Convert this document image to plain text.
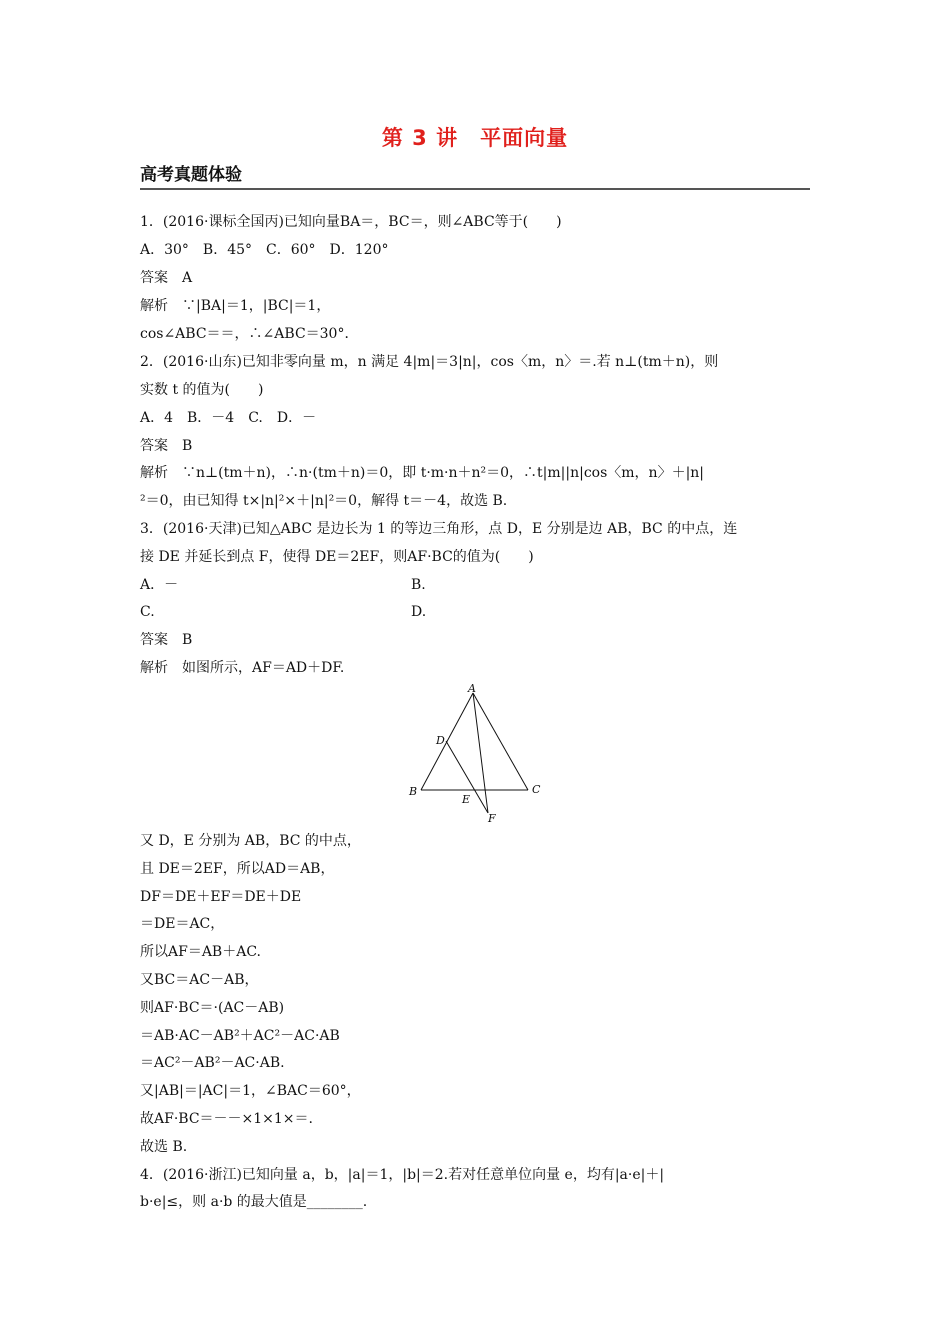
第 3 讲　平面向量
高考真题体验
1．(2016·课标全国丙)已知向量BA＝，BC＝，则∠ABC等于(　　)
A．30°　B．45°　C．60°　D．120°
答案　A
解析　∵|BA|＝1，|BC|＝1，
cos∠ABC＝＝，∴∠ABC＝30°．
2．(2016·山东)已知非零向量 m，n 满足 4|m|＝3|n|，cos〈m，n〉＝.若 n⊥(tm＋n)，则
实数 t 的值为(　　)
A．4　B．－4　C.　D．－
答案　B
解析　∵n⊥(tm＋n)，∴n·(tm＋n)＝0，即 t·m·n＋n²＝0，∴t|m||n|cos〈m，n〉＋|n|
²＝0，由已知得 t×|n|²×＋|n|²＝0，解得 t＝－4，故选 B.
3．(2016·天津)已知△ABC 是边长为 1 的等边三角形，点 D，E 分别是边 AB，BC 的中点，连
接 DE 并延长到点 F，使得 DE＝2EF，则AF·BC的值为(　　)
A．－	B.
C.	D.
答案　B
解析　如图所示，AF＝AD＋DF.
A
B	C
D
E
F
又 D，E 分别为 AB，BC 的中点，
且 DE＝2EF，所以AD＝AB，
DF＝DE＋EF＝DE＋DE
＝DE＝AC，
所以AF＝AB＋AC.
又BC＝AC－AB，
则AF·BC＝·(AC－AB)
＝AB·AC－AB²＋AC²－AC·AB
＝AC²－AB²－AC·AB.
又|AB|＝|AC|＝1，∠BAC＝60°，
故AF·BC＝－－×1×1×＝.
故选 B.
4．(2016·浙江)已知向量 a，b，|a|＝1，|b|＝2.若对任意单位向量 e，均有|a·e|＋|
b·e|≤，则 a·b 的最大值是________.
